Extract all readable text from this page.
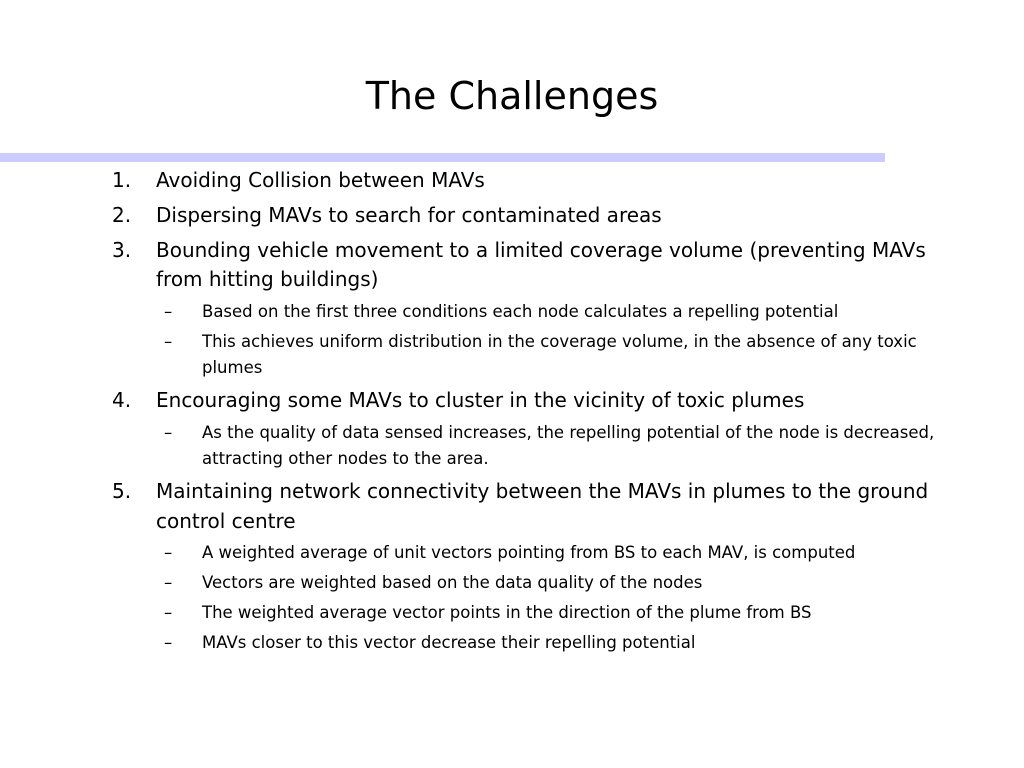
The Challenges
1.	Avoiding Collision between MAVs
2.	Dispersing MAVs to search for contaminated areas
3.	Bounding vehicle movement to a limited coverage volume (preventing MAVs from hitting buildings)
– Based on the first three conditions each node calculates a repelling potential
– This achieves uniform distribution in the coverage volume, in the absence of any toxic plumes
4.	Encouraging some MAVs to cluster in the vicinity of toxic plumes
– As the quality of data sensed increases, the repelling potential of the node is decreased, attracting other nodes to the area.
5.	Maintaining network connectivity between the MAVs in plumes to the ground control centre
– A weighted average of unit vectors pointing from BS to each MAV, is computed
– Vectors are weighted based on the data quality of the nodes
– The weighted average vector points in the direction of the plume from BS
– MAVs closer to this vector decrease their repelling potential
